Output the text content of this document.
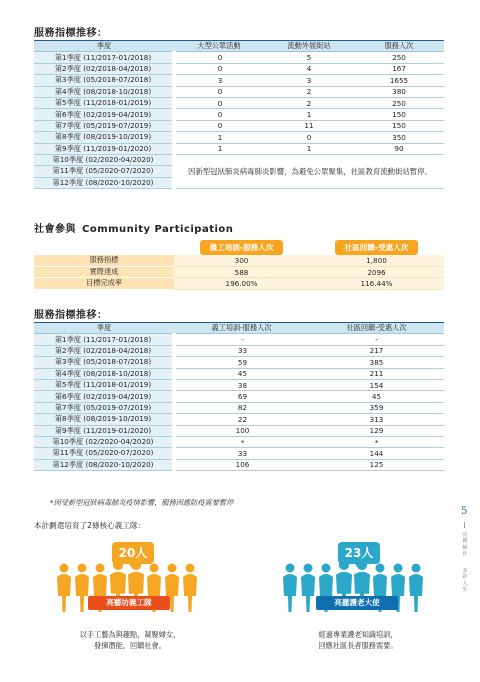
服務指標推移：
季度	大型公眾活動	流動外展街站	服務人次
第1季度 (11/2017-01/2018)	0	5	250
第2季度 (02/2018-04/2018)	0	4	167
第3季度 (05/2018-07/2018)	3	3	1655
第4季度 (08/2018-10/2018)	0	2	380
第5季度 (11/2018-01/2019)	0	2	250
第6季度 (02/2019-04/2019)	0	1	150
第7季度 (05/2019-07/2019)	0	11	150
第8季度 (08/2019-10/2019)	1	0	350
第9季度 (11/2019-01/2020)	1	1	90
第10季度 (02/2020-04/2020)	因新型冠狀肺炎病毒肺炎影響，為避免公眾聚集，社區教育流動街站暫停。		
第11季度 (05/2020-07/2020)			
第12季度 (08/2020-10/2020)			
社會參與 Community Participation
	義工培訓-服務人次	社區回饋-受惠人次
服務指標	300	1,800
實際達成	588	2096
目標完成率	196.00%	116.44%
服務指標推移：
季度	義工培訓-服務人次	社區回饋-受惠人次
第1季度 (11/2017-01/2018)	-	-
第2季度 (02/2018-04/2018)	33	217
第3季度 (05/2018-07/2018)	59	385
第4季度 (08/2018-10/2018)	45	211
第5季度 (11/2018-01/2019)	38	154
第6季度 (02/2019-04/2019)	69	45
第7季度 (05/2019-07/2019)	82	359
第8季度 (08/2019-10/2019)	22	313
第9季度 (11/2019-01/2020)	100	129
第10季度 (02/2020-04/2020)	*	*
第11季度 (05/2020-07/2020)	33	144
第12季度 (08/2020-10/2020)	106	125
*因受新型冠狀病毒肺炎疫情影響，服務因應防疫需要暫停
本計劃還培育了2條核心義工隊：
20人
亮藝坊義工隊
以手工藝為與趣點，凝聚婦女，
發揮潛能，回饋社會。
23人
亮麗護老大使
經過專業護老知識培訓，
回應社區長者服務需要。
5
亮麗婦社
多彩人生
